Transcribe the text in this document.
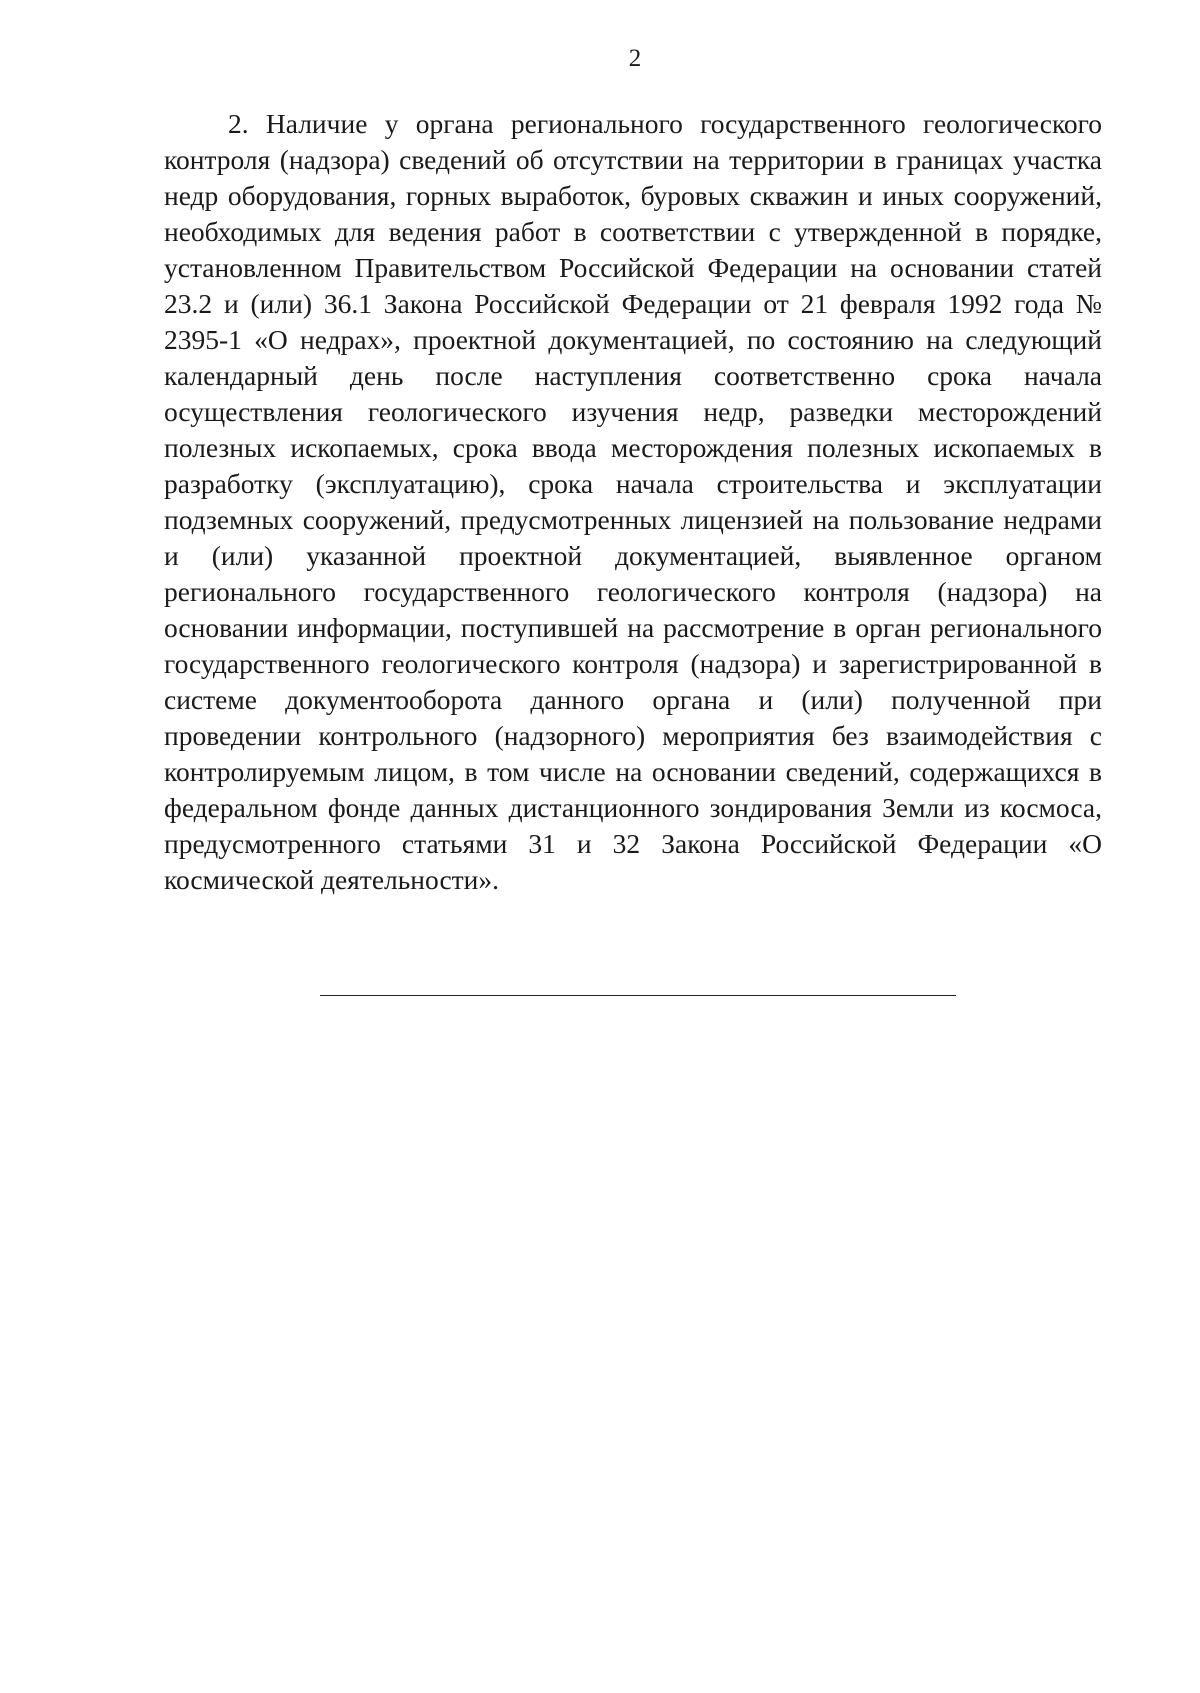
2
2. Наличие у органа регионального государственного геологического
контроля (надзора) сведений об отсутствии на территории в границах участка
недр оборудования, горных выработок, буровых скважин и иных сооружений,
необходимых для ведения работ в соответствии с утвержденной в порядке,
установленном Правительством Российской Федерации на основании статей
23.2 и (или) 36.1 Закона Российской Федерации от 21 февраля 1992 года №
2395-1 «О недрах», проектной документацией, по состоянию на следующий
календарный день после наступления соответственно срока начала
осуществления геологического изучения недр, разведки месторождений
полезных ископаемых, срока ввода месторождения полезных ископаемых в
разработку (эксплуатацию), срока начала строительства и эксплуатации
подземных сооружений, предусмотренных лицензией на пользование недрами
и (или) указанной проектной документацией, выявленное органом
регионального государственного геологического контроля (надзора) на
основании информации, поступившей на рассмотрение в орган регионального
государственного геологического контроля (надзора) и зарегистрированной в
системе документооборота данного органа и (или) полученной при
проведении контрольного (надзорного) мероприятия без взаимодействия с
контролируемым лицом, в том числе на основании сведений, содержащихся в
федеральном фонде данных дистанционного зондирования Земли из космоса,
предусмотренного статьями 31 и 32 Закона Российской Федерации «О
космической деятельности».
